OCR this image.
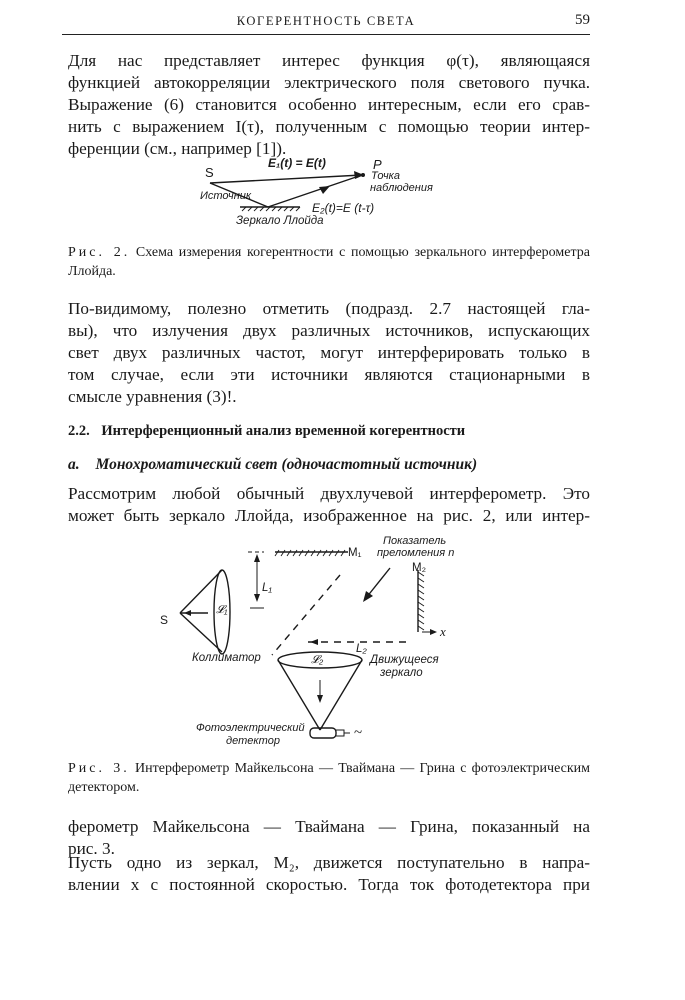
КОГЕРЕНТНОСТЬ СВЕТА	59
Для нас представляет интерес функция φ(τ), являющаяся
функцией автокорреляции электрического поля светового пучка.
Выражение (6) становится особенно интересным, если его срав-
нить с выражением I(τ), полученным с помощью теории интер-
ференции (см., например [1]).
S
P
Точка
наблюдения
E₁(t) = E(t)
Источник
E₂(t)=E (t-τ)
Зеркало Ллойда
Рис. 2. Схема измерения когерентности с помощью зеркального интерферометра Ллойда.
По-видимому, полезно отметить (подразд. 2.7 настоящей гла-
вы), что излучения двух различных источников, испускающих
свет двух различных частот, могут интерферировать только в
том случае, если эти источники являются стационарными в
смысле уравнения (3)!.
2.2. Интерференционный анализ временной когерентности
а. Монохроматический свет (одночастотный источник)
Рассмотрим любой обычный двухлучевой интерферометр. Это
может быть зеркало Ллойда, изображенное на рис. 2, или интер-
M₁
M₂
Показатель
преломления n
L₁
L₂
𝓛₁
𝓛₂
S
x
Коллиматор	Движущееся
зеркало
Фотоэлектрический
детектор	~
Рис. 3. Интерферометр Майкельсона — Твaймана — Грина с фотоэлектрическим детектором.
ферометр Майкельсона — Тваймана — Грина, показанный на
рис. 3.
Пусть одно из зеркал, M₂, движется поступательно в напра-
влении x с постоянной скоростью. Тогда ток фотодетектора при
